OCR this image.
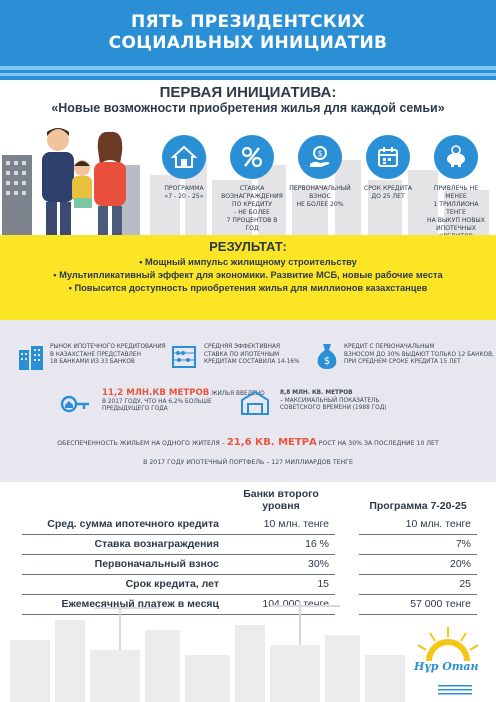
ПЯТЬ ПРЕЗИДЕНТСКИХ
СОЦИАЛЬНЫХ ИНИЦИАТИВ
ПЕРВАЯ ИНИЦИАТИВА:
«Новые возможности приобретения жилья для каждой семьи»
ПРОГРАММА
«7 - 20 - 25»
СТАВКА
ВОЗНАГРАЖДЕНИЯ
ПО КРЕДИТУ
- НЕ БОЛЕЕ
7 ПРОЦЕНТОВ В ГОД
$
ПЕРВОНАЧАЛЬНЫЙ
ВЗНОС
НЕ БОЛЕЕ 20%
СРОК КРЕДИТА
ДО 25 ЛЕТ
ПРИВЛЕЧЬ НЕ МЕНЕЕ
1 ТРИЛЛИОНА ТЕНГЕ
НА ВЫКУП НОВЫХ
ИПОТЕЧНЫХ
РЕЗУЛЬТАТ:
• Мощный импульс жилищному строительству
• Мультипликативный эффект для экономики. Развитие МСБ, новые рабочие места
• Повысится доступность приобретения жилья для миллионов казахстанцев
РЫНОК ИПОТЕЧНОГО КРЕДИТОВАНИЯ
В КАЗАХСТАНЕ ПРЕДСТАВЛЕН
18 БАНКАМИ ИЗ 33 БАНКОВ
СРЕДНЯЯ ЭФФЕКТИВНАЯ
СТАВКА ПО ИПОТЕЧНЫМ
КРЕДИТАМ СОСТАВИЛА 14-16% $
КРЕДИТ С ПЕРВОНАЧАЛЬНЫМ
ВЗНОСОМ ДО 30% ВЫДАЮТ ТОЛЬКО 12 БАНКОВ,
ПРИ СРЕДНЕМ СРОКЕ КРЕДИТА 15 ЛЕТ
11,2 МЛН.КВ МЕТРОВ ЖИЛЬЯ ВВЕДЕНО
В 2017 ГОДУ, ЧТО НА 6,2% БОЛЬШЕ
ПРЕДЫДУЩЕГО ГОДА
8,8 МЛН. КВ. МЕТРОВ
– МАКСИМАЛЬНЫЙ ПОКАЗАТЕЛЬ
СОВЕТСКОГО ВРЕМЕНИ (1988 ГОД)
ОБЕСПЕЧЕННОСТЬ ЖИЛЬЕМ НА ОДНОГО ЖИТЕЛЯ – 21,6 КВ. МЕТРА РОСТ НА 30% ЗА ПОСЛЕДНИЕ 10 ЛЕТ
В 2017 ГОДУ ИПОТЕЧНЫЙ ПОРТФЕЛЬ – 127 МИЛЛИАРДОВ ТЕНГЕ
	Банки второго уровня		Программа 7-20-25
Сред. сумма ипотечного кредита	10 млн. тенге		10 млн. тенге
Ставка вознаграждения	16 %		7%
Первоначальный взнос	30%		20%
Срок кредита, лет	15		25
Ежемесячный платеж в месяц	104 000 тенге		57 000 тенге
Нұр Отан
